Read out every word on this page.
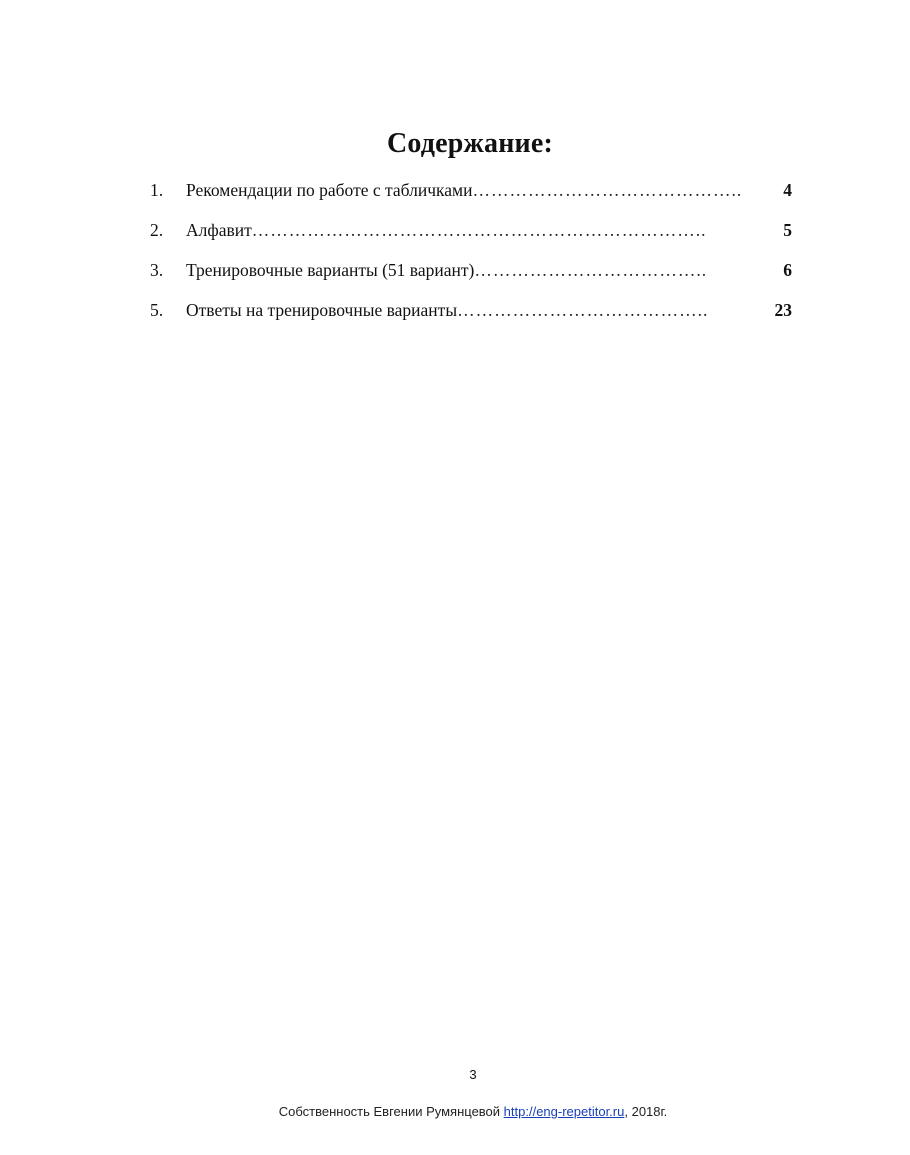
Содержание:
1.	Рекомендации по работе с табличками ……………………………………..	4
2.	Алфавит ………………………………………………………………..	5
3.	Тренировочные варианты (51 вариант) ………………………………..	6
5.	Ответы на тренировочные варианты …………………………………..	23
3
Собственность Евгении Румянцевой http://eng-repetitor.ru, 2018г.
